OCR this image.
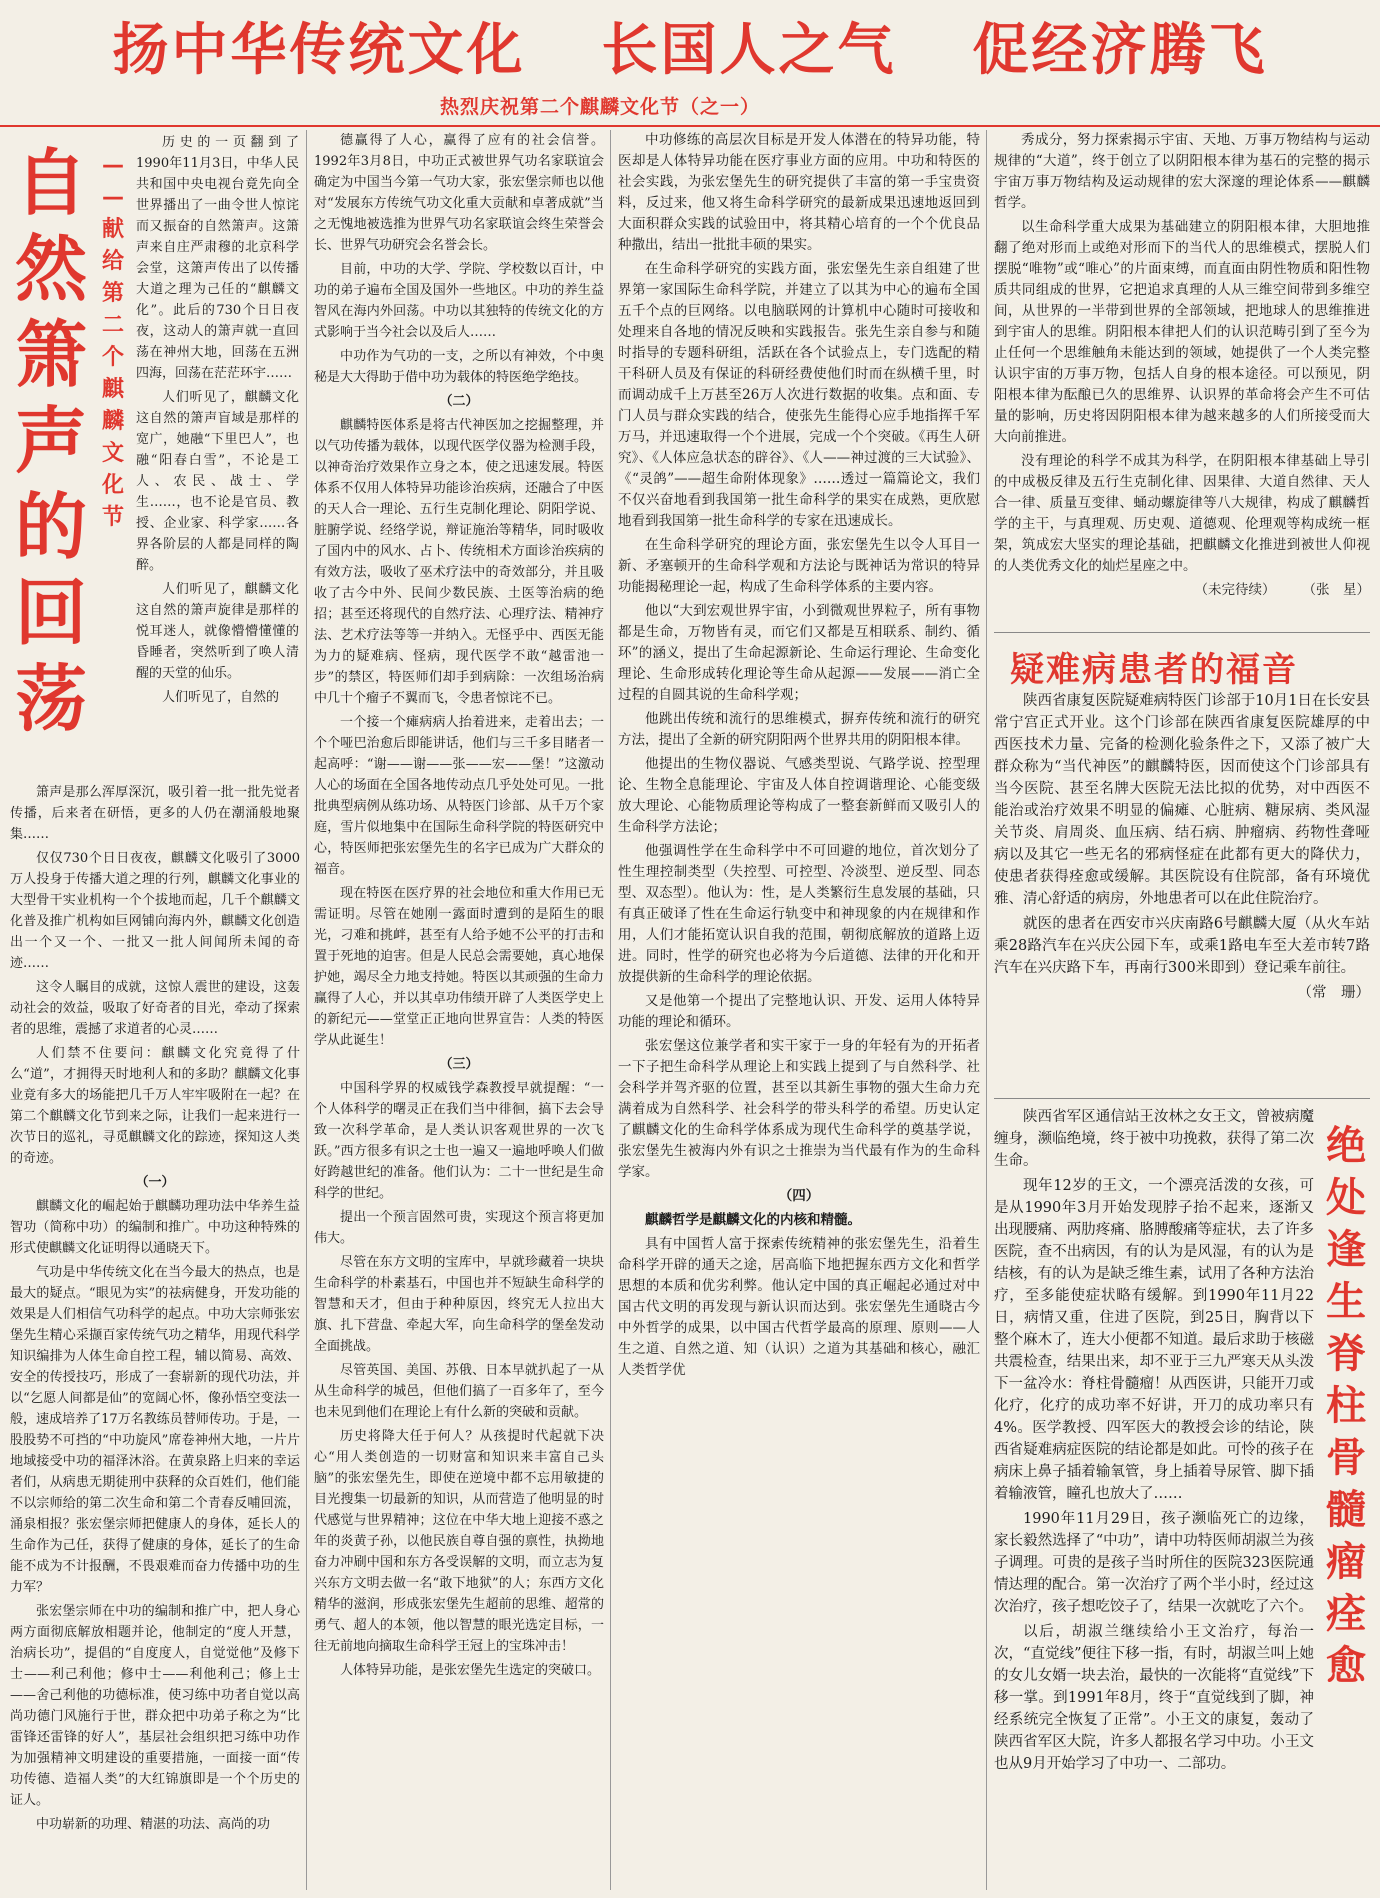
扬中华传统文化 长国人之气 促经济腾飞
热烈庆祝第二个麒麟文化节（之一）
自
然
箫
声
的
回
荡
—
—
献
给
第
二
个
麒
麟
文
化
节

历史的一页翻到了1990年11月3日，中华人民共和国中央电视台竟先向全世界播出了一曲令世人惊诧而又振奋的自然箫声。这箫声来自庄严肃穆的北京科学会堂，这箫声传出了以传播大道之理为己任的“麒麟文化”。此后的730个日日夜夜，这动人的箫声就一直回荡在神州大地，回荡在五洲四海，回荡在茫茫环宇……

人们听见了，麒麟文化这自然的箫声盲域是那样的宽广，她融“下里巴人”，也融“阳春白雪”，不论是工人、农民、战士、学生……，也不论是官员、教授、企业家、科学家……各界各阶层的人都是同样的陶醉。

人们听见了，麒麟文化这自然的箫声旋律是那样的悦耳迷人，就像懵懵懂懂的昏睡者，突然听到了唤人清醒的天堂的仙乐。

人们听见了，自然的

箫声是那么浑厚深沉，吸引着一批一批先觉者传播，后来者在研悟，更多的人仍在潮涌般地聚集……

仅仅730个日日夜夜，麒麟文化吸引了3000万人投身于传播大道之理的行列，麒麟文化事业的大型骨干实业机构一个个拔地而起，几千个麒麟文化普及推广机构如巨网铺向海内外，麒麟文化创造出一个又一个、一批又一批人间闻所未闻的奇迹……

这令人瞩目的成就，这惊人震世的建设，这轰动社会的效益，吸取了好奇者的目光，牵动了探索者的思维，震撼了求道者的心灵……

人们禁不住要问：麒麟文化究竟得了什么“道”，才拥得天时地利人和的多助？麒麟文化事业竟有多大的场能把几千万人牢牢吸附在一起？在第二个麒麟文化节到来之际，让我们一起来进行一次节日的巡礼，寻觅麒麟文化的踪迹，探知这人类的奇迹。

（一）

麒麟文化的崛起始于麒麟功理功法中华养生益智功（简称中功）的编制和推广。中功这种特殊的形式使麒麟文化证明得以通晓天下。

气功是中华传统文化在当今最大的热点，也是最大的疑点。“眼见为实”的祛病健身，开发功能的效果是人们相信气功科学的起点。中功大宗师张宏堡先生精心采撷百家传统气功之精华，用现代科学知识编排为人体生命自控工程，辅以简易、高效、安全的传授技巧，形成了一套崭新的现代功法，并以“乞愿人间都是仙”的宽阔心怀，像孙悟空变法一般，速成培养了17万名教练员替师传功。于是，一股股势不可挡的“中功旋风”席卷神州大地，一片片地域接受中功的福泽沐浴。在黄泉路上归来的幸运者们，从病患无期徒刑中获释的众百姓们，他们能不以宗师给的第二次生命和第二个青春反哺回流，涌泉相报？张宏堡宗师把健康人的身体，延长人的生命作为己任，获得了健康的身体，延长了的生命能不成为不计报酬，不畏艰难而奋力传播中功的生力军？

张宏堡宗师在中功的编制和推广中，把人身心两方面彻底解放相题并论，他制定的“度人开慧，治病长功”，提倡的“自度度人，自觉觉他”及修下士——利己利他；修中士——利他利己；修上士——舍己利他的功德标准，使习练中功者自觉以高尚功德门风施行于世，群众把中功弟子称之为“比雷锋还雷锋的好人”，基层社会组织把习练中功作为加强精神文明建设的重要措施，一面接一面“传功传德、造福人类”的大红锦旗即是一个个历史的证人。

中功崭新的功理、精湛的功法、高尚的功

德赢得了人心，赢得了应有的社会信誉。1992年3月8日，中功正式被世界气功名家联谊会确定为中国当今第一气功大家，张宏堡宗师也以他对“发展东方传统气功文化重大贡献和卓著成就”当之无愧地被选推为世界气功名家联谊会终生荣誉会长、世界气功研究会名誉会长。

目前，中功的大学、学院、学校数以百计，中功的弟子遍布全国及国外一些地区。中功的养生益智风在海内外回荡。中功以其独特的传统文化的方式影响于当今社会以及后人……

中功作为气功的一支，之所以有神效，个中奥秘是大大得助于借中功为载体的特医绝学绝技。

（二）

麒麟特医体系是将古代神医加之挖掘整理，并以气功传播为载体，以现代医学仪器为检测手段，以神奇治疗效果作立身之本，使之迅速发展。特医体系不仅用人体特异功能诊治疾病，还融合了中医的天人合一理论、五行生克制化理论、阴阳学说、脏腑学说、经络学说，辩证施治等精华，同时吸收了国内中的风水、占卜、传统相术方面诊治疾病的有效方法，吸收了巫术疗法中的奇效部分，并且吸收了古今中外、民间少数民族、土医等治病的绝招；甚至还将现代的自然疗法、心理疗法、精神疗法、艺术疗法等等一并纳入。无怪乎中、西医无能为力的疑难病、怪病，现代医学不敢“越雷池一步”的禁区，特医师们却手到病除：一次组场治病中几十个瘤子不翼而飞，令患者惊诧不已。

一个接一个瘫病病人抬着进来，走着出去；一个个哑巴治愈后即能讲话，他们与三千多目睹者一起高呼：“谢——谢——张——宏——堡！”这激动人心的场面在全国各地传动点几乎处处可见。一批批典型病例从练功场、从特医门诊部、从千万个家庭，雪片似地集中在国际生命科学院的特医研究中心，特医师把张宏堡先生的名字已成为广大群众的福音。

现在特医在医疗界的社会地位和重大作用已无需证明。尽管在她刚一露面时遭到的是陌生的眼光，刁难和挑衅，甚至有人给予她不公平的打击和置于死地的迫害。但是人民总会需要她，真心地保护她，竭尽全力地支持她。特医以其顽强的生命力赢得了人心，并以其卓功伟绩开辟了人类医学史上的新纪元——堂堂正正地向世界宣告：人类的特医学从此诞生！

（三）

中国科学界的权威钱学森教授早就提醒：“一个人体科学的曙灵正在我们当中徘徊，搞下去会导致一次科学革命，是人类认识客观世界的一次飞跃。”西方很多有识之士也一遍又一遍地呼唤人们做好跨越世纪的准备。他们认为：二十一世纪是生命科学的世纪。

提出一个预言固然可贵，实现这个预言将更加伟大。

尽管在东方文明的宝库中，早就珍藏着一块块生命科学的朴素基石，中国也并不短缺生命科学的智慧和天才，但由于种种原因，终究无人拉出大旗、扎下营盘、牵起大军，向生命科学的堡垒发动全面挑战。

尽管英国、美国、苏俄、日本早就扒起了一从从生命科学的城邑，但他们搞了一百多年了，至今也未见到他们在理论上有什么新的突破和贡献。

历史将降大任于何人？从孩提时代起就下决心“用人类创造的一切财富和知识来丰富自己头脑”的张宏堡先生，即使在逆境中都不忘用敏捷的目光搜集一切最新的知识，从而营造了他明显的时代感觉与世界精神；这位在中华大地上迎接不惑之年的炎黄子孙，以他民族自尊自强的禀性，执拗地奋力冲刷中国和东方各受误解的文明，而立志为复兴东方文明去做一名“敢下地狱”的人；东西方文化精华的滋润，形成张宏堡先生超前的思维、超常的勇气、超人的本领，他以智慧的眼光选定目标，一往无前地向摘取生命科学王冠上的宝珠冲击！

人体特异功能，是张宏堡先生选定的突破口。

中功修练的高层次目标是开发人体潜在的特异功能，特医却是人体特异功能在医疗事业方面的应用。中功和特医的社会实践，为张宏堡先生的研究提供了丰富的第一手宝贵资料，反过来，他又将生命科学研究的最新成果迅速地返回到大面积群众实践的试验田中，将其精心培育的一个个优良品种撒出，结出一批批丰硕的果实。

在生命科学研究的实践方面，张宏堡先生亲自组建了世界第一家国际生命科学院，并建立了以其为中心的遍布全国五千个点的巨网络。以电脑联网的计算机中心随时可接收和处理来自各地的情况反映和实践报告。张先生亲自参与和随时指导的专题科研组，活跃在各个试验点上，专门选配的精干科研人员及有保证的科研经费使他们时而在纵横千里，时而调动成千上万甚至26万人次进行数据的收集。点和面、专门人员与群众实践的结合，使张先生能得心应手地指挥千军万马，并迅速取得一个个进展，完成一个个突破。《再生人研究》、《人体应急状态的辟谷》、《人——神过渡的三大试验》、《“灵鸽”——超生命附体现象》……透过一篇篇论文，我们不仅兴奋地看到我国第一批生命科学的果实在成熟，更欣慰地看到我国第一批生命科学的专家在迅速成长。

在生命科学研究的理论方面，张宏堡先生以令人耳目一新、矛塞顿开的生命科学观和方法论与既神话为常识的特异功能揭秘理论一起，构成了生命科学体系的主要内容。

他以“大到宏观世界宇宙，小到微观世界粒子，所有事物都是生命，万物皆有灵，而它们又都是互相联系、制约、循环”的涵义，提出了生命起源新论、生命运行理论、生命变化理论、生命形成转化理论等生命从起源——发展——消亡全过程的自圆其说的生命科学观；

他跳出传统和流行的思维模式，摒弃传统和流行的研究方法，提出了全新的研究阴阳两个世界共用的阴阳根本律。

他提出的生物仪器说、气感类型说、气路学说、控型理论、生物全息能理论、宇宙及人体自控调谐理论、心能变级放大理论、心能物质理论等构成了一整套新鲜而又吸引人的生命科学方法论；

他强调性学在生命科学中不可回避的地位，首次划分了性生理控制类型（失控型、可控型、冷淡型、逆反型、同态型、双态型）。他认为：性，是人类繁衍生息发展的基础，只有真正破译了性在生命运行轨变中和神现象的内在规律和作用，人们才能拓宽认识自我的范围，朝彻底解放的道路上迈进。同时，性学的研究也必将为今后道德、法律的开化和开放提供新的生命科学的理论依据。

又是他第一个提出了完整地认识、开发、运用人体特异功能的理论和循环。

张宏堡这位兼学者和实干家于一身的年轻有为的开拓者一下子把生命科学从理论上和实践上提到了与自然科学、社会科学并驾齐驱的位置，甚至以其新生事物的强大生命力充满着成为自然科学、社会科学的带头科学的希望。历史认定了麒麟文化的生命科学体系成为现代生命科学的奠基学说，张宏堡先生被海内外有识之士推崇为当代最有作为的生命科学家。

（四）

麒麟哲学是麒麟文化的内核和精髓。

具有中国哲人富于探索传统精神的张宏堡先生，沿着生命科学开辟的通天之途，居高临下地把握东西方文化和哲学思想的本质和优劣利弊。他认定中国的真正崛起必通过对中国古代文明的再发现与新认识而达到。张宏堡先生通晓古今中外哲学的成果，以中国古代哲学最高的原理、原则——人生之道、自然之道、知（认识）之道为其基础和核心，融汇人类哲学优

秀成分，努力探索揭示宇宙、天地、万事万物结构与运动规律的“大道”，终于创立了以阴阳根本律为基石的完整的揭示宇宙万事万物结构及运动规律的宏大深邃的理论体系——麒麟哲学。

以生命科学重大成果为基础建立的阴阳根本律，大胆地推翻了绝对形而上或绝对形而下的当代人的思维模式，摆脱人们摆脱“唯物”或“唯心”的片面束缚，而直面由阴性物质和阳性物质共同组成的世界，它把追求真理的人从三维空间带到多维空间，从世界的一半带到世界的全部领域，把地球人的思维推进到宇宙人的思维。阴阳根本律把人们的认识范畴引到了至今为止任何一个思维触角未能达到的领域，她提供了一个人类完整认识宇宙的万事万物，包括人自身的根本途径。可以预见，阴阳根本律为酝酿已久的思维界、认识界的革命将会产生不可估量的影响，历史将因阴阳根本律为越来越多的人们所接受而大大向前推进。

没有理论的科学不成其为科学，在阴阳根本律基础上导引的中成极反律及五行生克制化律、因果律、大道自然律、天人合一律、质量互变律、蛹动螺旋律等八大规律，构成了麒麟哲学的主干，与真理观、历史观、道德观、伦理观等构成统一框架，筑成宏大坚实的理论基础，把麒麟文化推进到被世人仰视的人类优秀文化的灿烂星座之中。

（未完待续）　　　（张　星）

疑难病患者的福音

陕西省康复医院疑难病特医门诊部于10月1日在长安县常宁宫正式开业。这个门诊部在陕西省康复医院雄厚的中西医技术力量、完备的检测化验条件之下，又添了被广大群众称为“当代神医”的麒麟特医，因而使这个门诊部具有当今医院、甚至名牌大医院无法比拟的优势，对中西医不能治或治疗效果不明显的偏瘫、心脏病、糖尿病、类风湿关节炎、肩周炎、血压病、结石病、肿瘤病、药物性聋哑病以及其它一些无名的邪病怪症在此都有更大的降伏力，使患者获得痊愈或缓解。其医院设有住院部，备有环境优雅、清心舒适的病房，外地患者可以在此住院治疗。

就医的患者在西安市兴庆南路6号麒麟大厦（从火车站乘28路汽车在兴庆公园下车，或乘1路电车至大差市转7路汽车在兴庆路下车，再南行300米即到）登记乘车前往。

（常　珊）

绝
处
逢
生
脊
柱
骨
髓
瘤
痊
愈

陕西省军区通信站王汝林之女王文，曾被病魔缠身，濒临绝境，终于被中功挽救，获得了第二次生命。

现年12岁的王文，一个漂亮活泼的女孩，可是从1990年3月开始发现脖子抬不起来，逐渐又出现腰痛、两肋疼痛、胳膊酸痛等症状，去了许多医院，查不出病因，有的认为是风湿，有的认为是结核，有的认为是缺乏维生素，试用了各种方法治疗，至多能使症状略有缓解。到1990年11月22日，病情又重，住进了医院，到25日，胸背以下整个麻木了，连大小便都不知道。最后求助于核磁共震检查，结果出来，却不亚于三九严寒天从头泼下一盆冷水：脊柱骨髓瘤！从西医讲，只能开刀或化疗，化疗的成功率不好讲，开刀的成功率只有4%。医学教授、四军医大的教授会诊的结论，陕西省疑难病症医院的结论都是如此。可怜的孩子在病床上鼻子插着输氧管，身上插着导尿管、脚下插着输液管，瞳孔也放大了……

1990年11月29日，孩子濒临死亡的边缘，家长毅然选择了“中功”，请中功特医师胡淑兰为孩子调理。可贵的是孩子当时所住的医院323医院通情达理的配合。第一次治疗了两个半小时，经过这次治疗，孩子想吃饺子了，结果一次就吃了六个。

以后，胡淑兰继续给小王文治疗，每治一次，“直觉线”便往下移一指，有时，胡淑兰叫上她的女儿女婿一块去治，最快的一次能将“直觉线”下移一掌。到1991年8月，终于“直觉线到了脚，神经系统完全恢复了正常”。小王文的康复，轰动了陕西省军区大院，许多人都报名学习中功。小王文也从9月开始学习了中功一、二部功。
